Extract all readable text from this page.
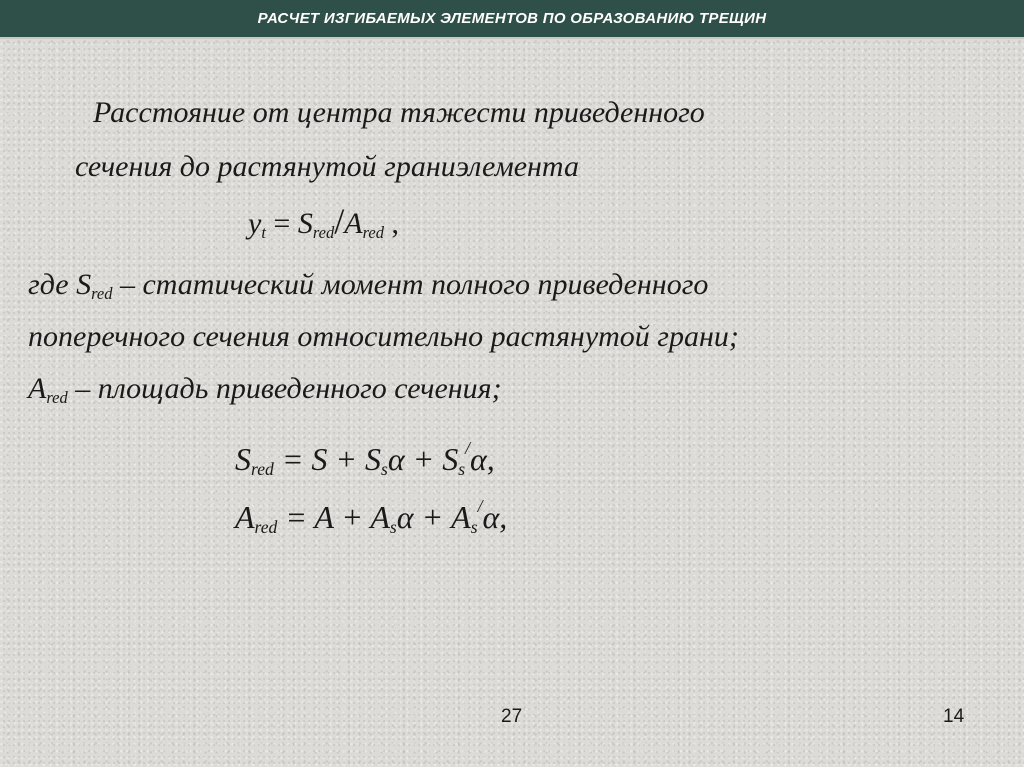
РАСЧЕТ ИЗГИБАЕМЫХ ЭЛЕМЕНТОВ ПО ОБРАЗОВАНИЮ ТРЕЩИН
Расстояние от центра тяжести приведенного
сечения до растянутой граниэлемента
$y_t = S_{red}/A_{red}$ ,
где $S_{red}$ – статический момент полного приведенного
поперечного сечения относительно растянутой грани;
$A_{red}$ – площадь приведенного сечения;
$S_{red} = S + S_s\alpha + S_s^/\alpha$,
$A_{red} = A + A_s\alpha + A_s^/\alpha$,
27	14
